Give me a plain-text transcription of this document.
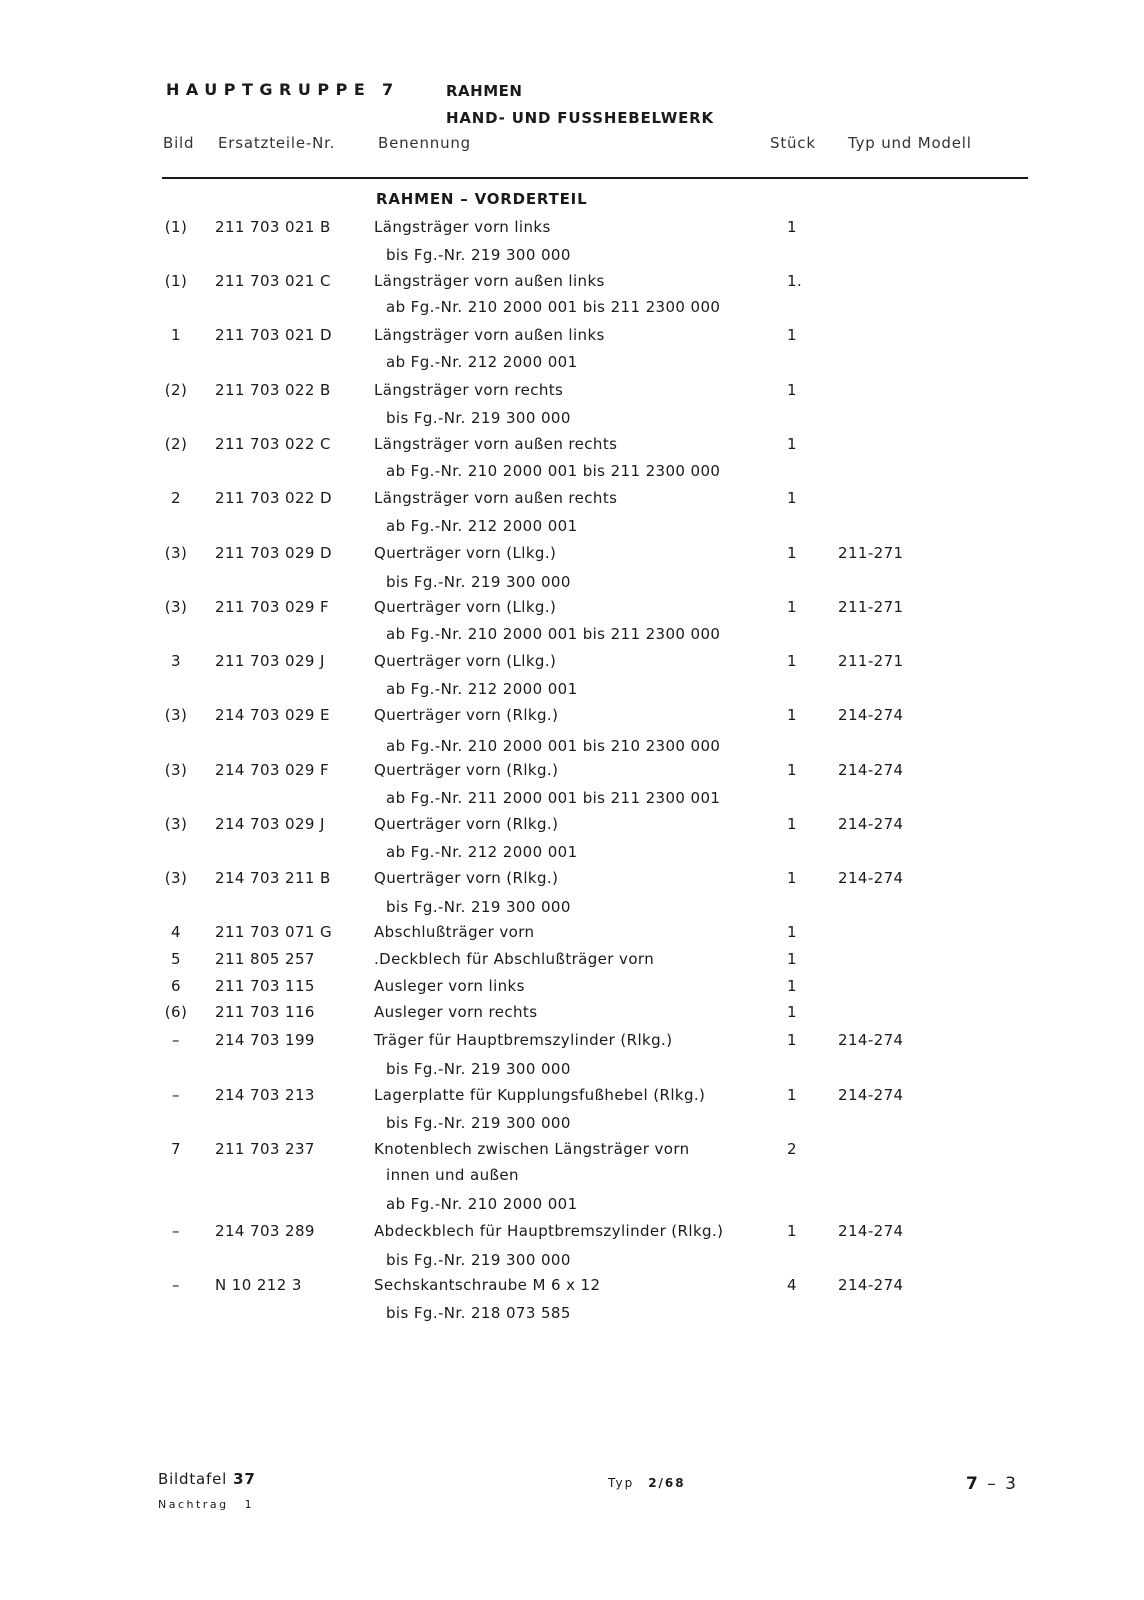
HAUPTGRUPPE 7	RAHMEN
HAND- UND FUSSHEBELWERK
Bild Ersatzteile-Nr.	Benennung	Stück Typ und Modell
RAHMEN – VORDERTEIL
(1) 211 703 021 B	Längsträger vorn links	1
bis Fg.-Nr. 219 300 000
(1) 211 703 021 C	Längsträger vorn außen links	1.
ab Fg.-Nr. 210 2000 001 bis 211 2300 000
1	211 703 021 D	Längsträger vorn außen links	1
ab Fg.-Nr. 212 2000 001
(2) 211 703 022 B	Längsträger vorn rechts	1
bis Fg.-Nr. 219 300 000
(2) 211 703 022 C	Längsträger vorn außen rechts	1
ab Fg.-Nr. 210 2000 001 bis 211 2300 000
2	211 703 022 D	Längsträger vorn außen rechts	1
ab Fg.-Nr. 212 2000 001
(3) 211 703 029 D	Querträger vorn (Llkg.)	1	211-271
bis Fg.-Nr. 219 300 000
(3) 211 703 029 F	Querträger vorn (Llkg.)	1	211-271
ab Fg.-Nr. 210 2000 001 bis 211 2300 000
3	211 703 029 J	Querträger vorn (Llkg.)	1	211-271
ab Fg.-Nr. 212 2000 001
(3) 214 703 029 E	Querträger vorn (Rlkg.)	1	214-274
ab Fg.-Nr. 210 2000 001 bis 210 2300 000
(3) 214 703 029 F	Querträger vorn (Rlkg.)	1	214-274
ab Fg.-Nr. 211 2000 001 bis 211 2300 001
(3) 214 703 029 J	Querträger vorn (Rlkg.)	1	214-274
ab Fg.-Nr. 212 2000 001
(3) 214 703 211 B	Querträger vorn (Rlkg.)	1	214-274
bis Fg.-Nr. 219 300 000
4	211 703 071 G	Abschlußträger vorn	1
5	211 805 257	.Deckblech für Abschlußträger vorn	1
6	211 703 115	Ausleger vorn links	1
(6) 211 703 116	Ausleger vorn rechts	1
–	214 703 199	Träger für Hauptbremszylinder (Rlkg.)	1	214-274
bis Fg.-Nr. 219 300 000
–	214 703 213	Lagerplatte für Kupplungsfußhebel (Rlkg.)	1	214-274
bis Fg.-Nr. 219 300 000
7	211 703 237	Knotenblech zwischen Längsträger vorn	2
innen und außen
ab Fg.-Nr. 210 2000 001
–	214 703 289	Abdeckblech für Hauptbremszylinder (Rlkg.)	1	214-274
bis Fg.-Nr. 219 300 000
–	N 10 212 3	Sechskantschraube M 6 x 12	4	214-274
bis Fg.-Nr. 218 073 585
Bildtafel 37
Nachtrag 1
Typ 2/68	7 – 3
